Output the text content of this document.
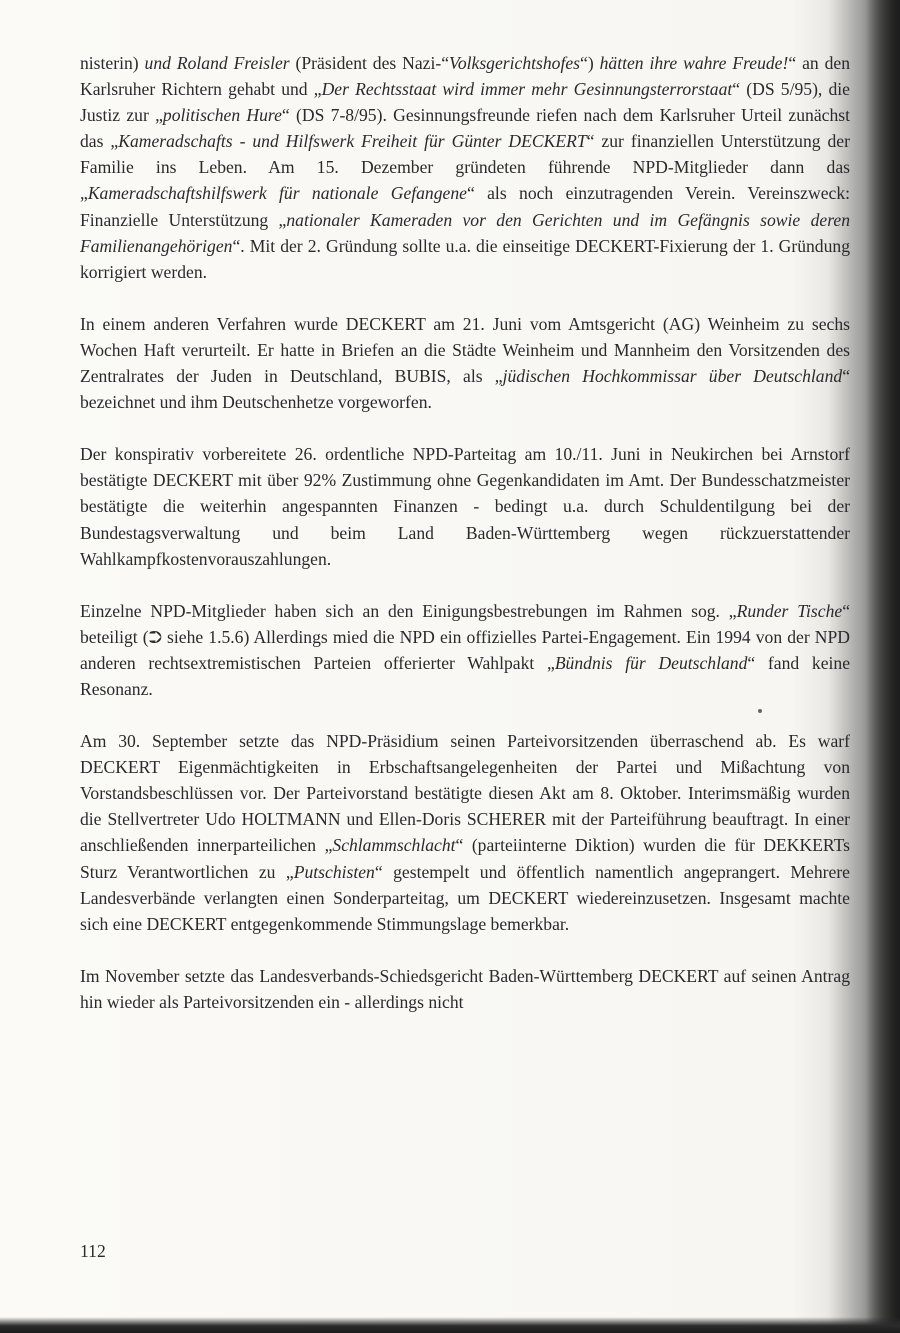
nisterin) und Roland Freisler (Präsident des Nazi-“Volksgerichtshofes“) hätten ihre wahre Freude!“ an den Karlsruher Richtern gehabt und „Der Rechtsstaat wird immer mehr Gesinnungsterrorstaat“ (DS 5/95), die Justiz zur „politischen Hure“ (DS 7-8/95). Gesinnungsfreunde riefen nach dem Karlsruher Urteil zunächst das „Kameradschafts - und Hilfswerk Freiheit für Günter DECKERT“ zur finanziellen Unterstützung der Familie ins Leben. Am 15. Dezember gründeten führende NPD-Mitglieder dann das „Kameradschaftshilfswerk für nationale Gefangene“ als noch einzutragenden Verein. Vereinszweck: Finanzielle Unterstützung „nationaler Kameraden vor den Gerichten und im Gefängnis sowie deren Familienangehörigen“. Mit der 2. Gründung sollte u.a. die einseitige DECKERT-Fixierung der 1. Gründung korrigiert werden.

In einem anderen Verfahren wurde DECKERT am 21. Juni vom Amtsgericht (AG) Weinheim zu sechs Wochen Haft verurteilt. Er hatte in Briefen an die Städte Weinheim und Mannheim den Vorsitzenden des Zentralrates der Juden in Deutschland, BUBIS, als „jüdischen Hochkommissar über Deutschland“ bezeichnet und ihm Deutschenhetze vorgeworfen.

Der konspirativ vorbereitete 26. ordentliche NPD-Parteitag am 10./11. Juni in Neukirchen bei Arnstorf bestätigte DECKERT mit über 92% Zustimmung ohne Gegenkandidaten im Amt. Der Bundesschatzmeister bestätigte die weiterhin angespannten Finanzen - bedingt u.a. durch Schuldentilgung bei der Bundestagsverwaltung und beim Land Baden-Württemberg wegen rückzuerstattender Wahlkampfkostenvorauszahlungen.

Einzelne NPD-Mitglieder haben sich an den Einigungsbestrebungen im Rahmen sog. „Runder Tische“ beteiligt (⮊ siehe 1.5.6) Allerdings mied die NPD ein offizielles Partei-Engagement. Ein 1994 von der NPD anderen rechtsextremistischen Parteien offerierter Wahlpakt „Bündnis für Deutschland“ fand keine Resonanz.

Am 30. September setzte das NPD-Präsidium seinen Parteivorsitzenden überraschend ab. Es warf DECKERT Eigenmächtigkeiten in Erbschaftsangelegenheiten der Partei und Mißachtung von Vorstandsbeschlüssen vor. Der Parteivorstand bestätigte diesen Akt am 8. Oktober. Interimsmäßig wurden die Stellvertreter Udo HOLTMANN und Ellen-Doris SCHERER mit der Parteiführung beauftragt. In einer anschließenden innerparteilichen „Schlammschlacht“ (parteiinterne Diktion) wurden die für DEKKERTs Sturz Verantwortlichen zu „Putschisten“ gestempelt und öffentlich namentlich angeprangert. Mehrere Landesverbände verlangten einen Sonderparteitag, um DECKERT wiedereinzusetzen. Insgesamt machte sich eine DECKERT entgegenkommende Stimmungslage bemerkbar.

Im November setzte das Landesverbands-Schiedsgericht Baden-Württemberg DECKERT auf seinen Antrag hin wieder als Parteivorsitzenden ein - allerdings nicht

112
